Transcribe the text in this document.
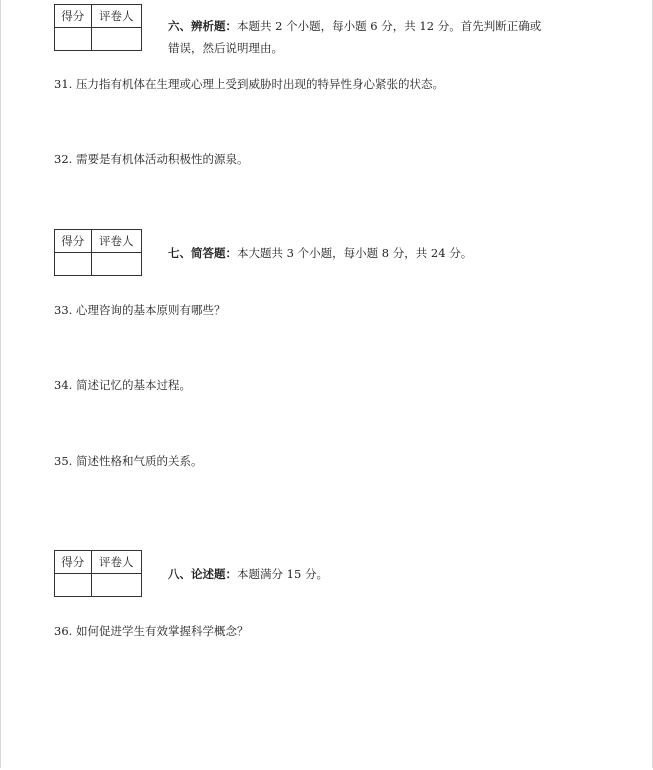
得分	评卷人

六、辨析题：本题共 2 个小题，每小题 6 分，共 12 分。首先判断正确或错误，然后说明理由。
31. 压力指有机体在生理或心理上受到威胁时出现的特异性身心紧张的状态。
32. 需要是有机体活动积极性的源泉。
得分	评卷人

七、简答题：本大题共 3 个小题，每小题 8 分，共 24 分。
33. 心理咨询的基本原则有哪些？
34. 简述记忆的基本过程。
35. 简述性格和气质的关系。
得分	评卷人

八、论述题：本题满分 15 分。
36. 如何促进学生有效掌握科学概念？
